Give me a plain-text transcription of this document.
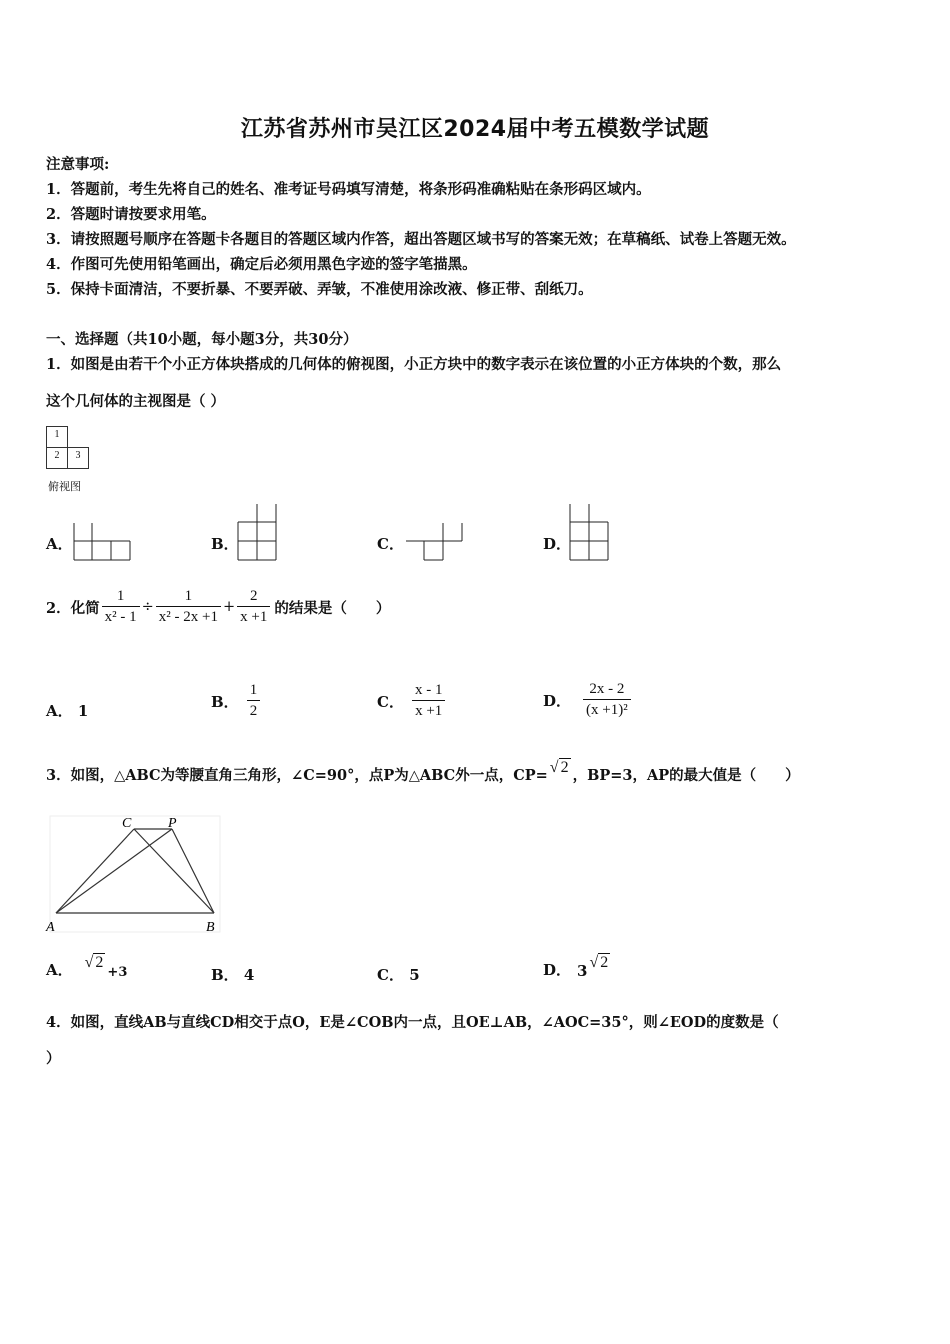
江苏省苏州市吴江区2024届中考五模数学试题
注意事项:
1．答题前，考生先将自己的姓名、准考证号码填写清楚，将条形码准确粘贴在条形码区域内。
2．答题时请按要求用笔。
3．请按照题号顺序在答题卡各题目的答题区域内作答，超出答题区域书写的答案无效；在草稿纸、试卷上答题无效。
4．作图可先使用铅笔画出，确定后必须用黑色字迹的签字笔描黑。
5．保持卡面清洁，不要折暴、不要弄破、弄皱，不准使用涂改液、修正带、刮纸刀。
一、选择题（共10小题，每小题3分，共30分）
1．如图是由若干个小正方体块搭成的几何体的俯视图，小正方块中的数字表示在该位置的小正方体块的个数，那么
这个几何体的主视图是（ ）
1
2	3
俯视图
A．	B．	C．	D．
2．化简 $\frac{1}{\text{x² - 1}} \div \frac{1}{\text{x² - 2x +1}} + \frac{2}{x +1}$ 的结果是（　　）
A． 1
B． $\frac{1}{2}$	C． $\frac{x - 1}{x +1}$	D． $\frac{2x - 2}{\text{(x +1)²}}$
3．如图，△ABC为等腰直角三角形，∠C=90°，点P为△ABC外一点，CP= √ 2 ，BP=3，AP的最大值是（　　）
C	P
A	B
A． √ 2
+3	B． 4	C． 5	D． 3 √ 2
4．如图，直线AB与直线CD相交于点O，E是∠COB内一点，且OE⊥AB，∠AOC=35°，则∠EOD的度数是（
）
